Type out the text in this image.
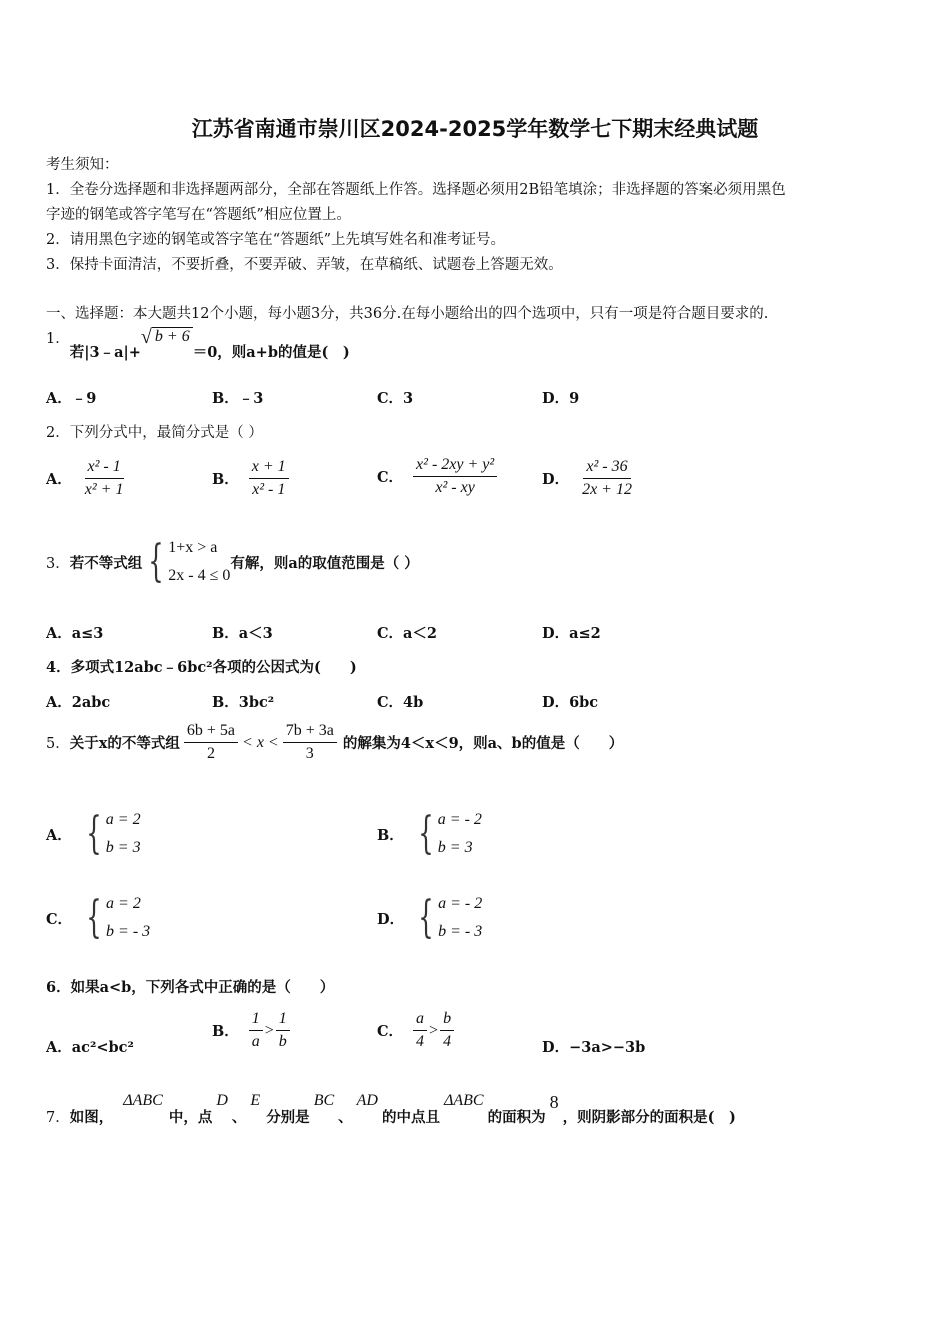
江苏省南通市崇川区2024-2025学年数学七下期末经典试题
考生须知：
1．全卷分选择题和非选择题两部分，全部在答题纸上作答。选择题必须用2B铅笔填涂；非选择题的答案必须用黑色
字迹的钢笔或答字笔写在“答题纸”相应位置上。
2．请用黑色字迹的钢笔或答字笔在“答题纸”上先填写姓名和准考证号。
3．保持卡面清洁，不要折叠，不要弄破、弄皱，在草稿纸、试题卷上答题无效。
一、选择题：本大题共12个小题，每小题3分，共36分.在每小题给出的四个选项中，只有一项是符合题目要求的.
1．
若|3﹣a|+
√ b + 6
＝0，则a+b的值是(　)
A．﹣9	B．﹣3	C．3	D．9
2．下列分式中，最简分式是（ ）
A． $\frac{\text{x² - 1}}{\text{x² + 1}}$	B． $\frac{x + 1}{\text{x² - 1}}$	C． $\frac{\text{x² - 2xy + y²}}{\text{x² - xy}}$	D． $\frac{\text{x² - 36}}{2x + 12}$
3． 若不等式组 { 1+x > a
2x - 4 ≤ 0
有解，则a的取值范围是（ ）
A．a≤3	B．a＜3	C．a＜2	D．a≤2
4．多项式12abc﹣6bc²各项的公因式为(　　)
A．2abc	B．3bc²	C．4b	D．6bc
5． 关于x的不等式组 $\frac{6b + 5a}{2} < x < \frac{7b + 3a}{3}$ 的解集为4＜x＜9，则a、b的值是（　　）
A． { a = 2
b = 3
B． { a = - 2
b = 3
C． { a = 2
b = - 3
D． { a = - 2
b = - 3
6．如果a<b，下列各式中正确的是（　　）
A．ac²<bc²
B． $\frac{1}{a} > \frac{1}{b}$	C． $\frac{a}{4} > \frac{b}{4}$	D．−3a>−3b
7． 如图，
ΔABC
中，点
D
、
E
分别是
BC
、
AD
的中点且
ΔABC
的面积为
8
，则阴影部分的面积是(　)
